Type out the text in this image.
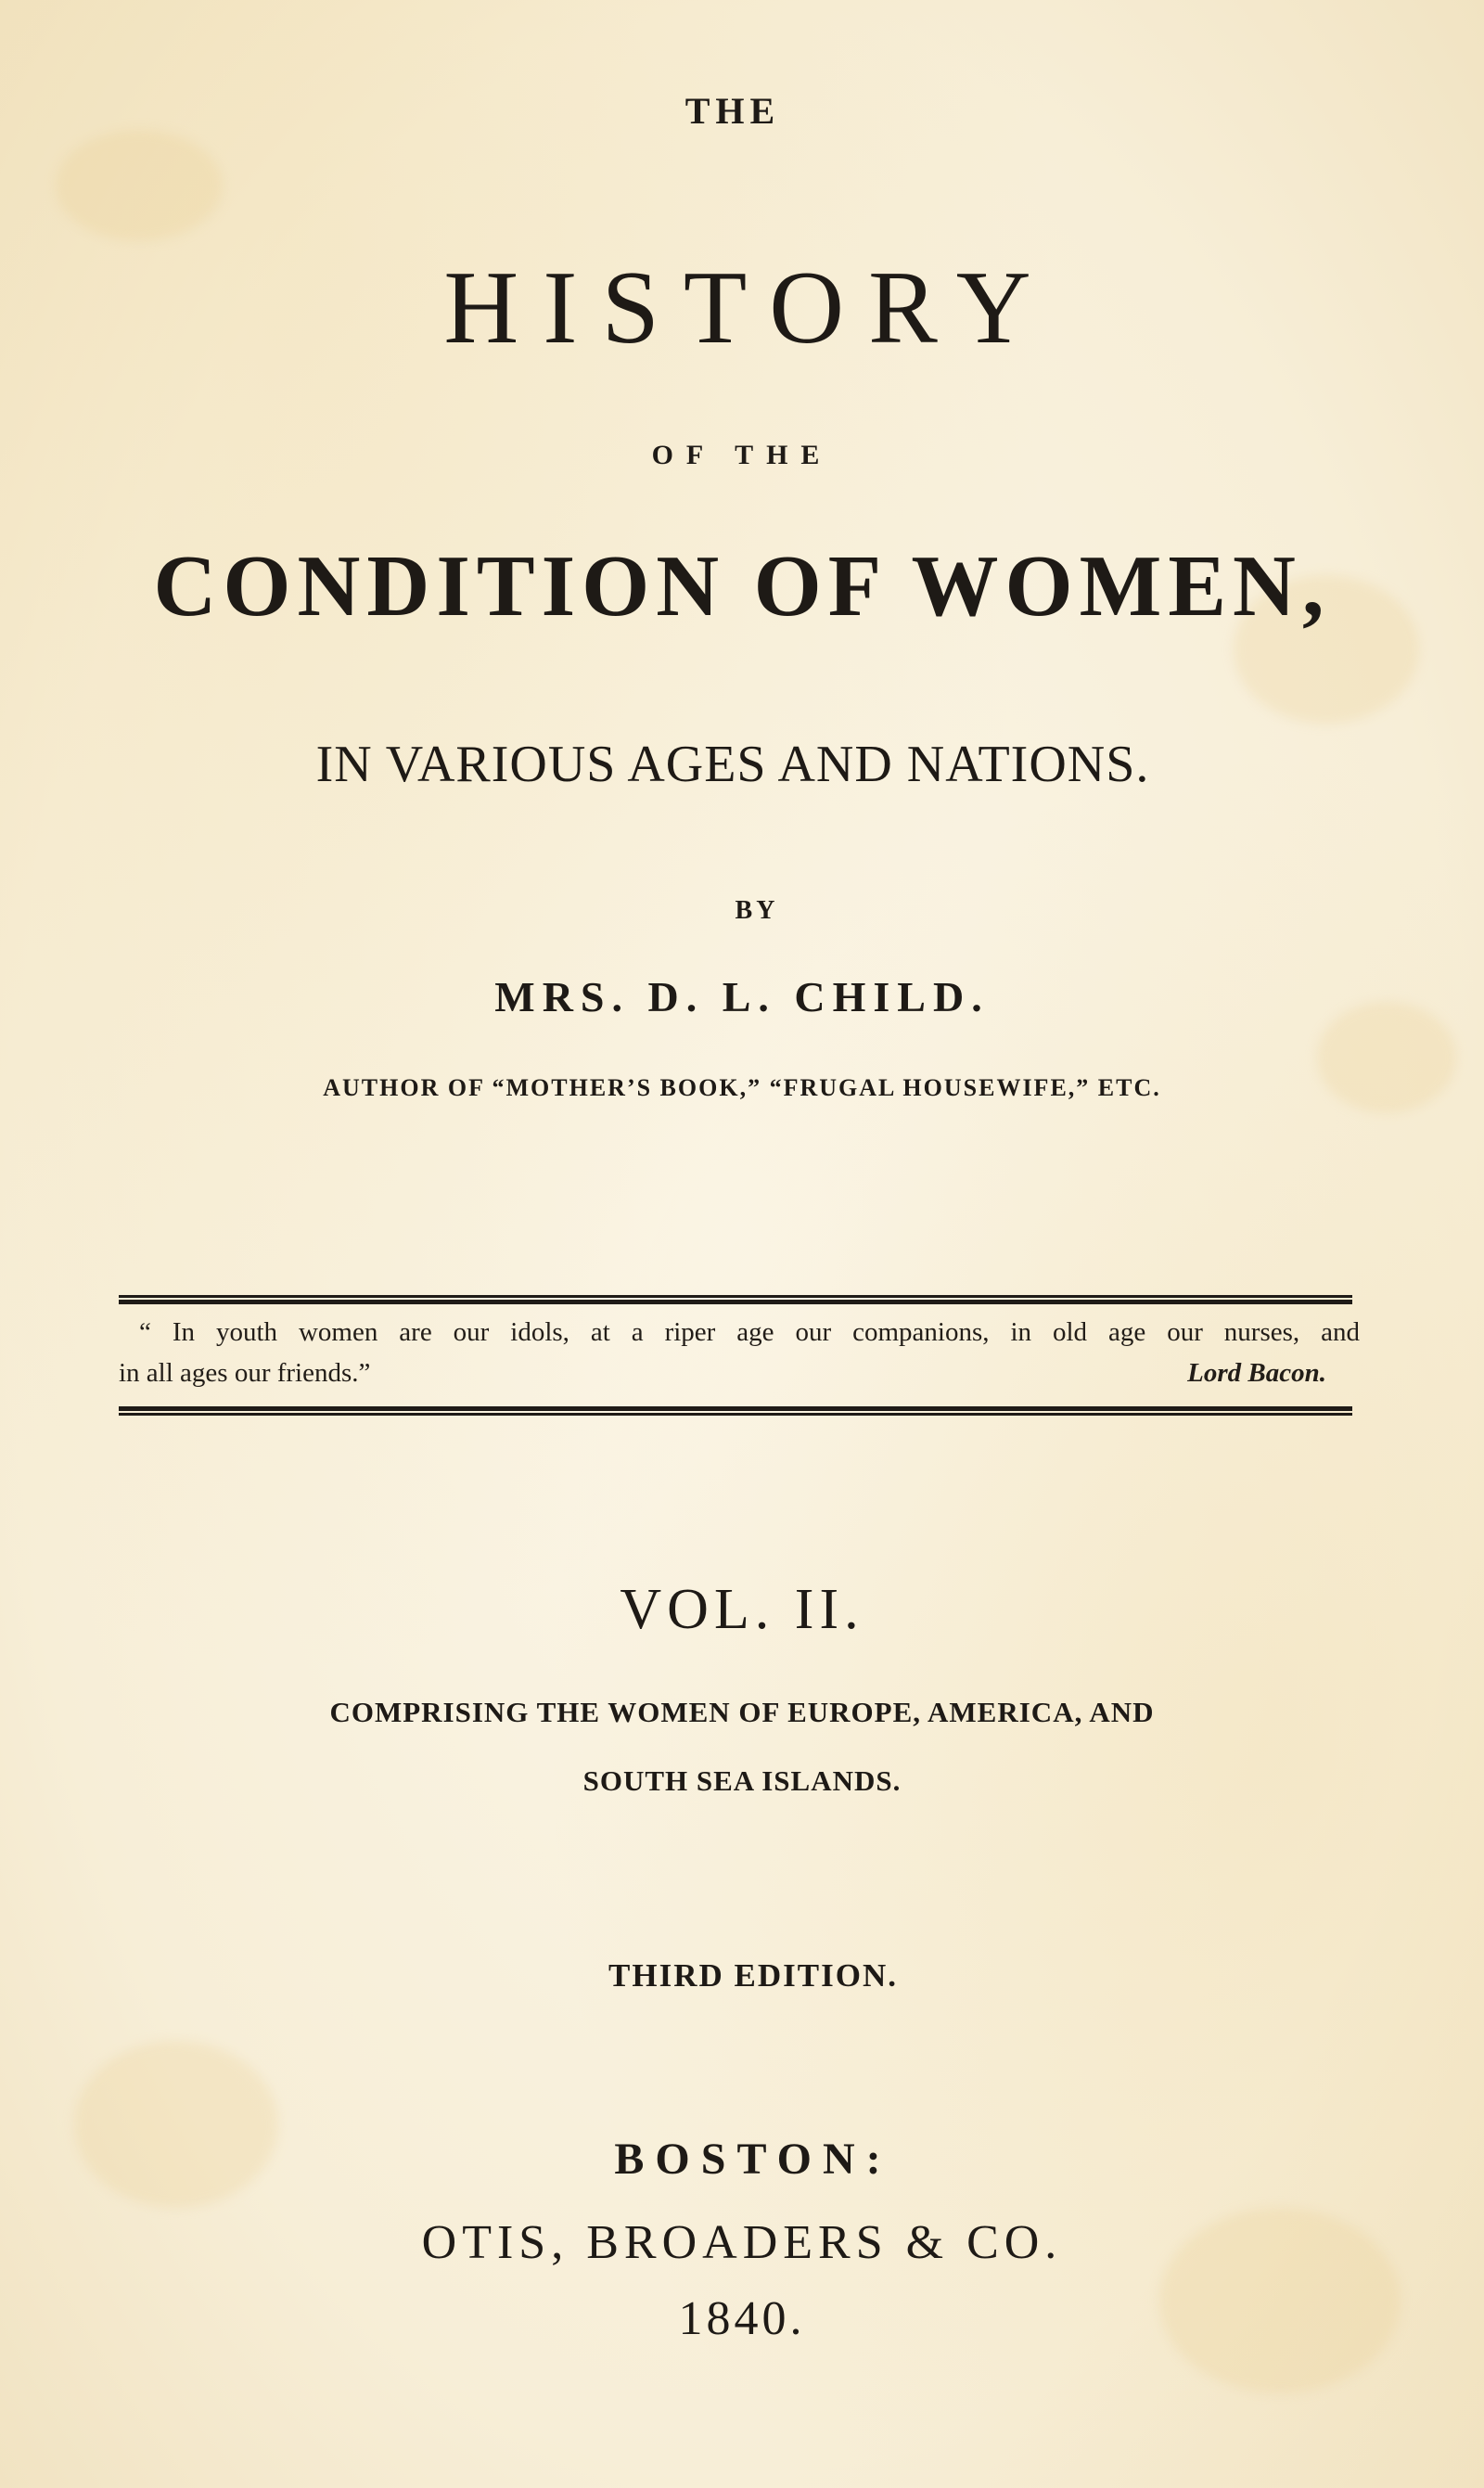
THE
HISTORY
OF THE
CONDITION OF WOMEN,
IN VARIOUS AGES AND NATIONS.
BY
MRS. D. L. CHILD.
AUTHOR OF “MOTHER’S BOOK,” “FRUGAL HOUSEWIFE,” ETC.
“ In youth women are our idols, at a riper age our companions, in old age our nurses, and
in all ages our friends.”	Lord Bacon.
VOL. II.
COMPRISING THE WOMEN OF EUROPE, AMERICA, AND
SOUTH SEA ISLANDS.
THIRD EDITION.
BOSTON:
OTIS, BROADERS & CO.
1840.
